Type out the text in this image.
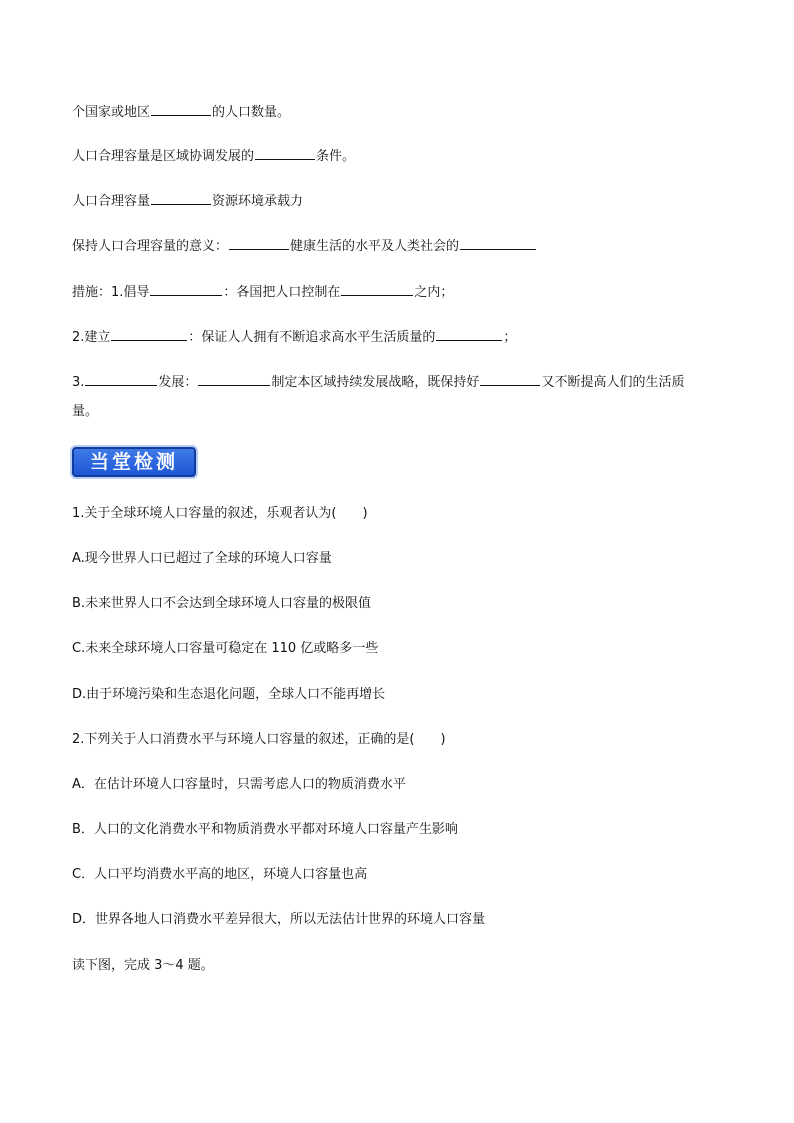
个国家或地区	的人口数量。
人口合理容量是区域协调发展的	条件。
人口合理容量	资源环境承载力
保持人口合理容量的意义：	健康生活的水平及人类社会的
措施：1.倡导	：各国把人口控制在	之内；
2.建立	：保证人人拥有不断追求高水平生活质量的	；
3.	发展：	制定本区域持续发展战略，既保持好	又不断提高人们的生活质
量。
当堂检测
1.关于全球环境人口容量的叙述，乐观者认为(　　)
A.现今世界人口已超过了全球的环境人口容量
B.未来世界人口不会达到全球环境人口容量的极限值
C.未来全球环境人口容量可稳定在 110 亿或略多一些
D.由于环境污染和生态退化问题，全球人口不能再增长
2.下列关于人口消费水平与环境人口容量的叙述，正确的是(　　)
A．在估计环境人口容量时，只需考虑人口的物质消费水平
B．人口的文化消费水平和物质消费水平都对环境人口容量产生影响
C．人口平均消费水平高的地区，环境人口容量也高
D．世界各地人口消费水平差异很大，所以无法估计世界的环境人口容量
读下图，完成 3～4 题。
